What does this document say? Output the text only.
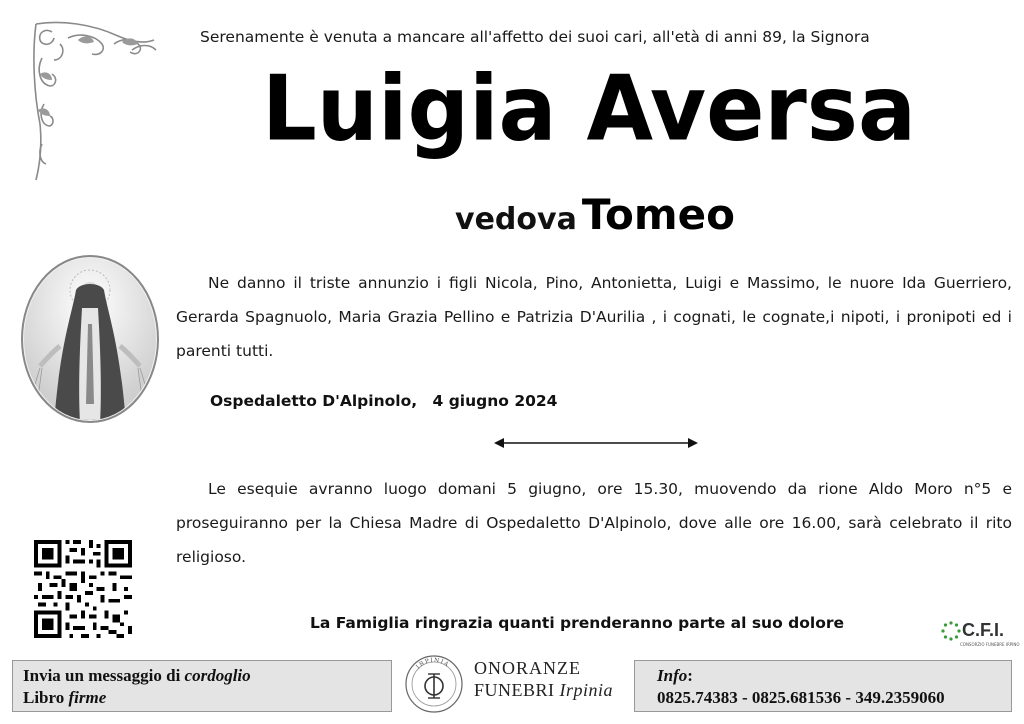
Serenamente è venuta a mancare all'affetto dei suoi cari, all'età di anni 89, la Signora
Luigia Aversa
vedova Tomeo
Ne danno il triste annunzio i figli Nicola, Pino, Antonietta, Luigi e Massimo, le nuore Ida Guerriero, Gerarda Spagnuolo, Maria Grazia Pellino e Patrizia D'Aurilia , i cognati, le cognate,i nipoti, i pronipoti ed i parenti tutti.
Ospedaletto D'Alpinolo, 4 giugno 2024
Le esequie avranno luogo domani 5 giugno, ore 15.30, muovendo da rione Aldo Moro n°5 e proseguiranno per la Chiesa Madre di Ospedaletto D'Alpinolo, dove alle ore 16.00, sarà celebrato il rito religioso.
La Famiglia ringrazia quanti prenderanno parte al suo dolore	C.F.I.
CONSORZIO FUNEBRE IRPINO
Invia un messaggio di cordoglio
Libro firme
IRPINIA ONORANZE
FUNEBRI Irpinia
Info:
0825.74383 - 0825.681536 - 349.2359060
